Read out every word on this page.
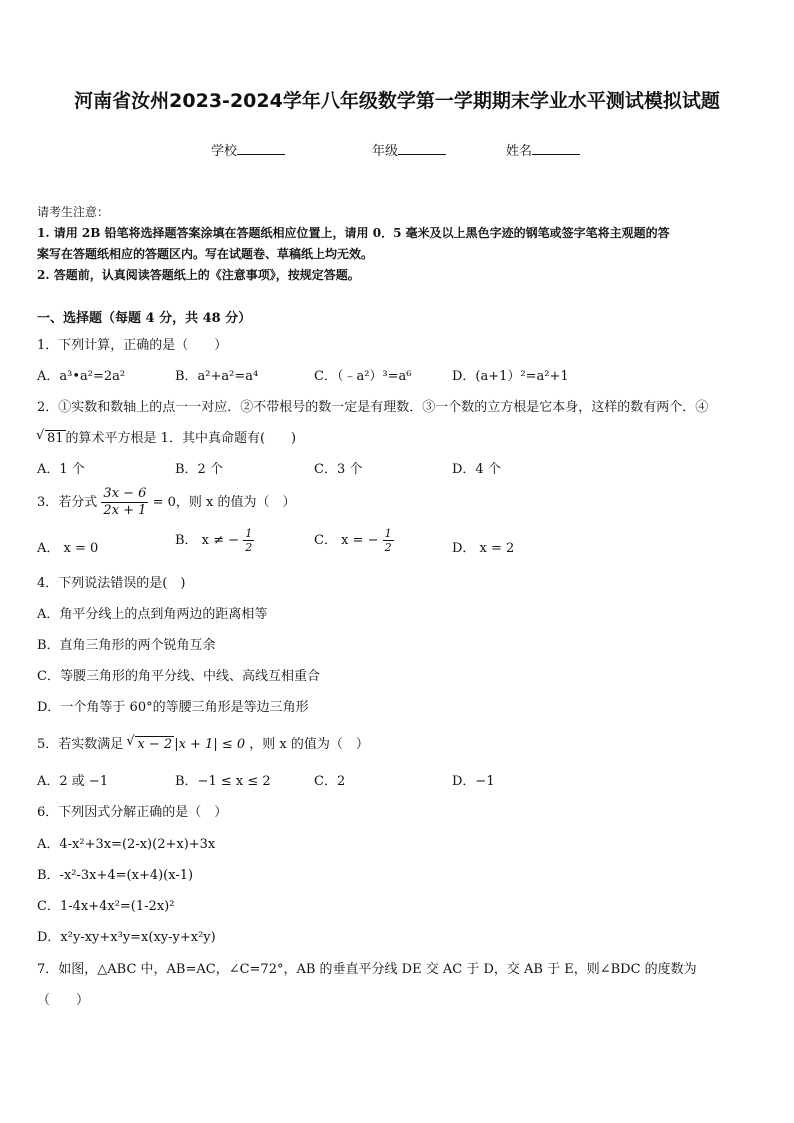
河南省汝州2023-2024学年八年级数学第一学期期末学业水平测试模拟试题
学校	年级	姓名
请考生注意：
1. 请用 2B 铅笔将选择题答案涂填在答题纸相应位置上，请用 0．5 毫米及以上黑色字迹的钢笔或签字笔将主观题的答
案写在答题纸相应的答题区内。写在试题卷、草稿纸上均无效。
2. 答题前，认真阅读答题纸上的《注意事项》，按规定答题。
一、选择题（每题 4 分，共 48 分）
1．下列计算，正确的是（　　）
A．a³•a²=2a²	B．a²+a²=a⁴	C．（﹣a²）³=a⁶	D．(a+1）²=a²+1
2．①实数和数轴上的点一一对应．②不带根号的数一定是有理数．③一个数的立方根是它本身，这样的数有两个．④
√ 81 的算术平方根是 1．其中真命题有(　　)
A．1 个	B．2 个	C．3 个	D．4 个
3．若分式 $\frac{3x - 6}{2x + 1} = 0$，则 x 的值为（　）
A． x = 0
B． x ≠ − $\frac{1}{2}$	C． x = − $\frac{1}{2}$	D． x = 2
4．下列说法错误的是(　)
A．角平分线上的点到角两边的距离相等
B．直角三角形的两个锐角互余
C．等腰三角形的角平分线、中线、高线互相重合
D．一个角等于 60°的等腰三角形是等边三角形
5．若实数满足 √ x − 2 |x + 1| ≤ 0 ，则 x 的值为（　）
A．2 或 −1	B．−1 ≤ x ≤ 2	C．2	D．−1
6．下列因式分解正确的是（　）
A．4-x²+3x=(2-x)(2+x)+3x
B．-x²-3x+4=(x+4)(x-1)
C．1-4x+4x²=(1-2x)²
D．x²y-xy+x³y=x(xy-y+x²y)
7．如图，△ABC 中，AB=AC，∠C=72°，AB 的垂直平分线 DE 交 AC 于 D，交 AB 于 E，则∠BDC 的度数为
（　　）
